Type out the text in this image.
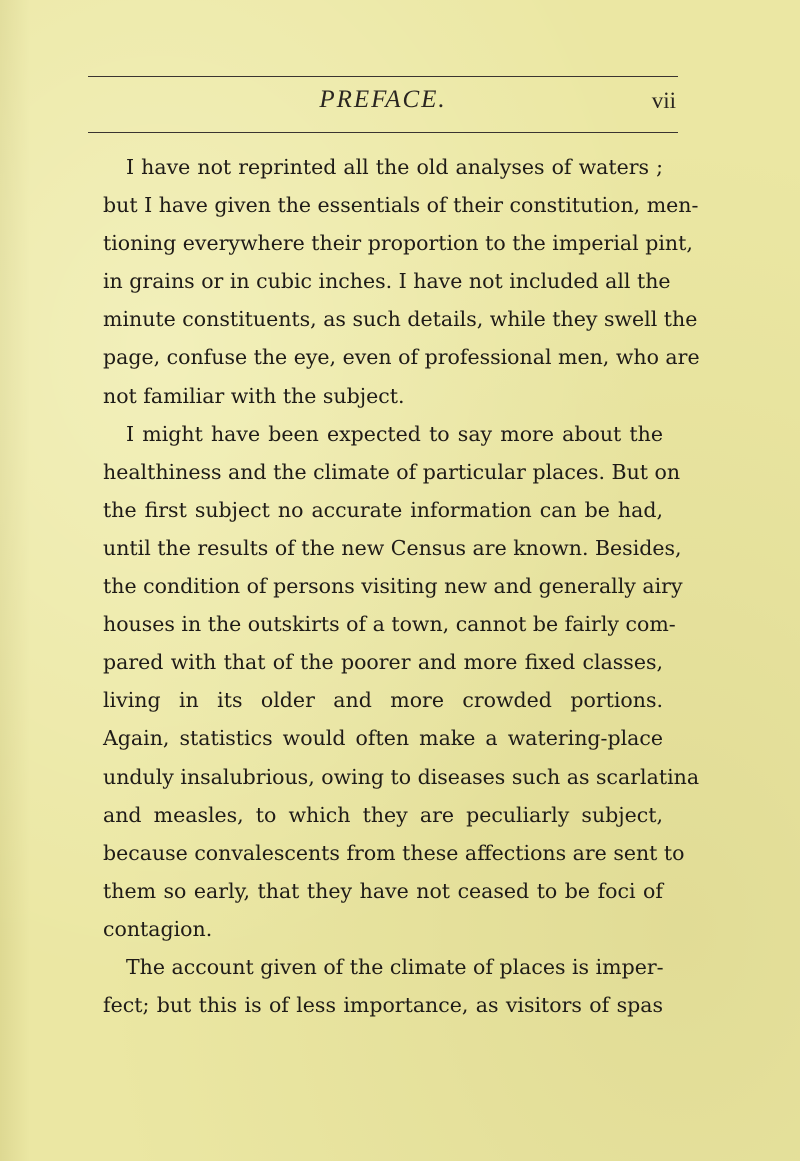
PREFACE.	vii
I have not reprinted all the old analyses of waters ;
but I have given the essentials of their constitution, men-
tioning everywhere their proportion to the imperial pint,
in grains or in cubic inches. I have not included all the
minute constituents, as such details, while they swell the
page, confuse the eye, even of professional men, who are
not familiar with the subject.
I might have been expected to say more about the
healthiness and the climate of particular places. But on
the first subject no accurate information can be had,
until the results of the new Census are known. Besides,
the condition of persons visiting new and generally airy
houses in the outskirts of a town, cannot be fairly com-
pared with that of the poorer and more fixed classes,
living in its older and more crowded portions.
Again, statistics would often make a watering-place
unduly insalubrious, owing to diseases such as scarlatina
and measles, to which they are peculiarly subject,
because convalescents from these affections are sent to
them so early, that they have not ceased to be foci of
contagion.
The account given of the climate of places is imper-
fect; but this is of less importance, as visitors of spas
